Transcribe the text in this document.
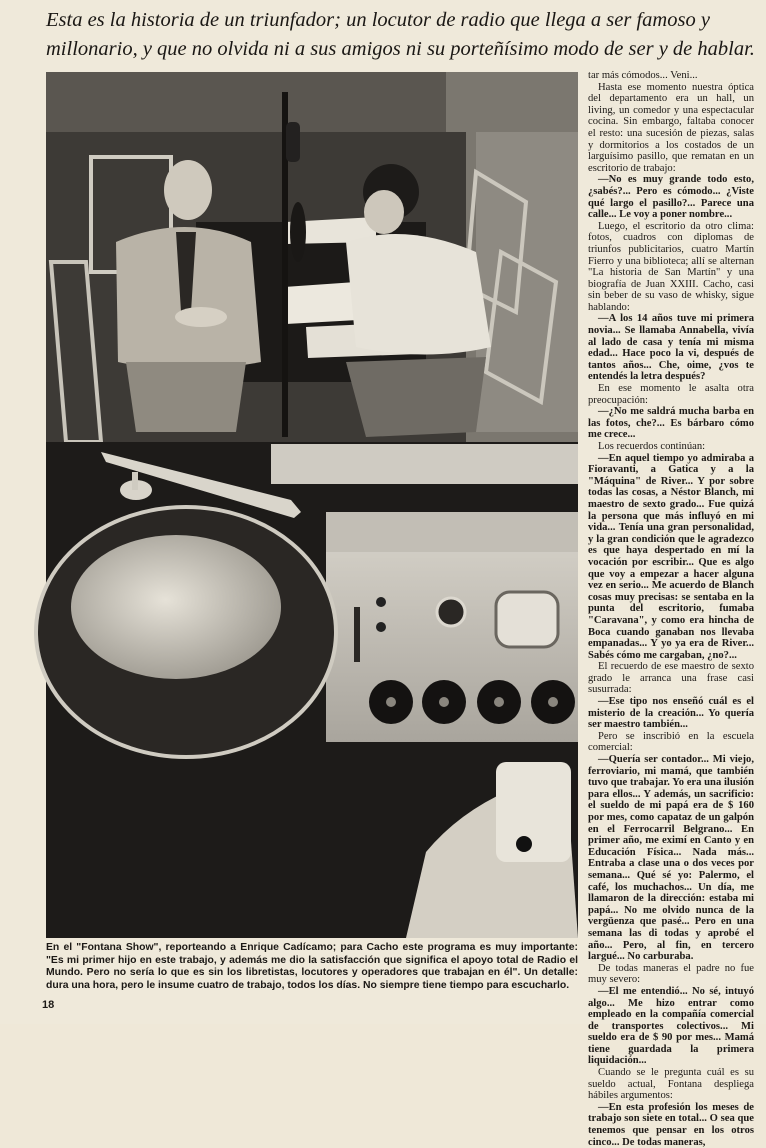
Esta es la historia de un triunfador; un locutor de radio que llega a ser famoso y
millonario, y que no olvida ni a sus amigos ni su porteñísimo modo de ser y de hablar.

tar más cómodos... Veni...

Hasta ese momento nuestra óptica del departamento era un hall, un living, un comedor y una espectacular cocina. Sin embargo, faltaba conocer el resto: una sucesión de piezas, salas y dormitorios a los costados de un larguísimo pasillo, que rematan en un escritorio de trabajo:

—No es muy grande todo esto, ¿sabés?... Pero es cómodo... ¿Viste qué largo el pasillo?... Parece una calle... Le voy a poner nombre...

Luego, el escritorio da otro clima: fotos, cuadros con diplomas de triunfos publicitarios, cuatro Martín Fierro y una biblioteca; allí se alternan "La historia de San Martín" y una biografía de Juan XXIII. Cacho, casi sin beber de su vaso de whisky, sigue hablando:

—A los 14 años tuve mi primera novia... Se llamaba Annabella, vivía al lado de casa y tenía mi misma edad... Hace poco la vi, después de tantos años... Che, oime, ¿vos te entendés la letra después?

En ese momento le asalta otra preocupación:

—¿No me saldrá mucha barba en las fotos, che?... Es bárbaro cómo me crece...

Los recuerdos continúan:

—En aquel tiempo yo admiraba a Fioravanti, a Gatica y a la "Máquina" de River... Y por sobre todas las cosas, a Néstor Blanch, mi maestro de sexto grado... Fue quizá la persona que más influyó en mi vida... Tenía una gran personalidad, y la gran condición que le agradezco es que haya despertado en mí la vocación por escribir... Que es algo que voy a empezar a hacer alguna vez en serio... Me acuerdo de Blanch cosas muy precisas: se sentaba en la punta del escritorio, fumaba "Caravana", y como era hincha de Boca cuando ganaban nos llevaba empanadas... Y yo ya era de River... Sabés cómo me cargaban, ¿no?...

El recuerdo de ese maestro de sexto grado le arranca una frase casi susurrada:

—Ese tipo nos enseñó cuál es el misterio de la creación... Yo quería ser maestro también...

Pero se inscribió en la escuela comercial:

—Quería ser contador... Mi viejo, ferroviario, mi mamá, que también tuvo que trabajar. Yo era una ilusión para ellos... Y además, un sacrificio: el sueldo de mi papá era de $ 160 por mes, como capataz de un galpón en el Ferrocarril Belgrano... En primer año, me eximí en Canto y en Educación Física... Nada más... Entraba a clase una o dos veces por semana... Qué sé yo: Palermo, el café, los muchachos... Un día, me llamaron de la dirección: estaba mi papá... No me olvido nunca de la vergüenza que pasé... Pero en una semana las di todas y aprobé el año... Pero, al fin, en tercero largué... No carburaba.

De todas maneras el padre no fue muy severo:

—El me entendió... No sé, intuyó algo... Me hizo entrar como empleado en la compañía comercial de transportes colectivos... Mi sueldo era de $ 90 por mes... Mamá tiene guardada la primera liquidación...

Cuando se le pregunta cuál es su sueldo actual, Fontana despliega hábiles argumentos:

—En esta profesión los meses de trabajo son siete en total... O sea que tenemos que pensar en los otros cinco... De todas maneras,

En el "Fontana Show", reporteando a Enrique Cadícamo; para Cacho este programa es muy importante: "Es mi primer hijo en este trabajo, y además me dio la satisfacción que significa el apoyo total de Radio el Mundo. Pero no sería lo que es sin los libretistas, locutores y operadores que trabajan en él". Un detalle: dura una hora, pero le insume cuatro de trabajo, todos los días. No siempre tiene tiempo para escucharlo.
18
